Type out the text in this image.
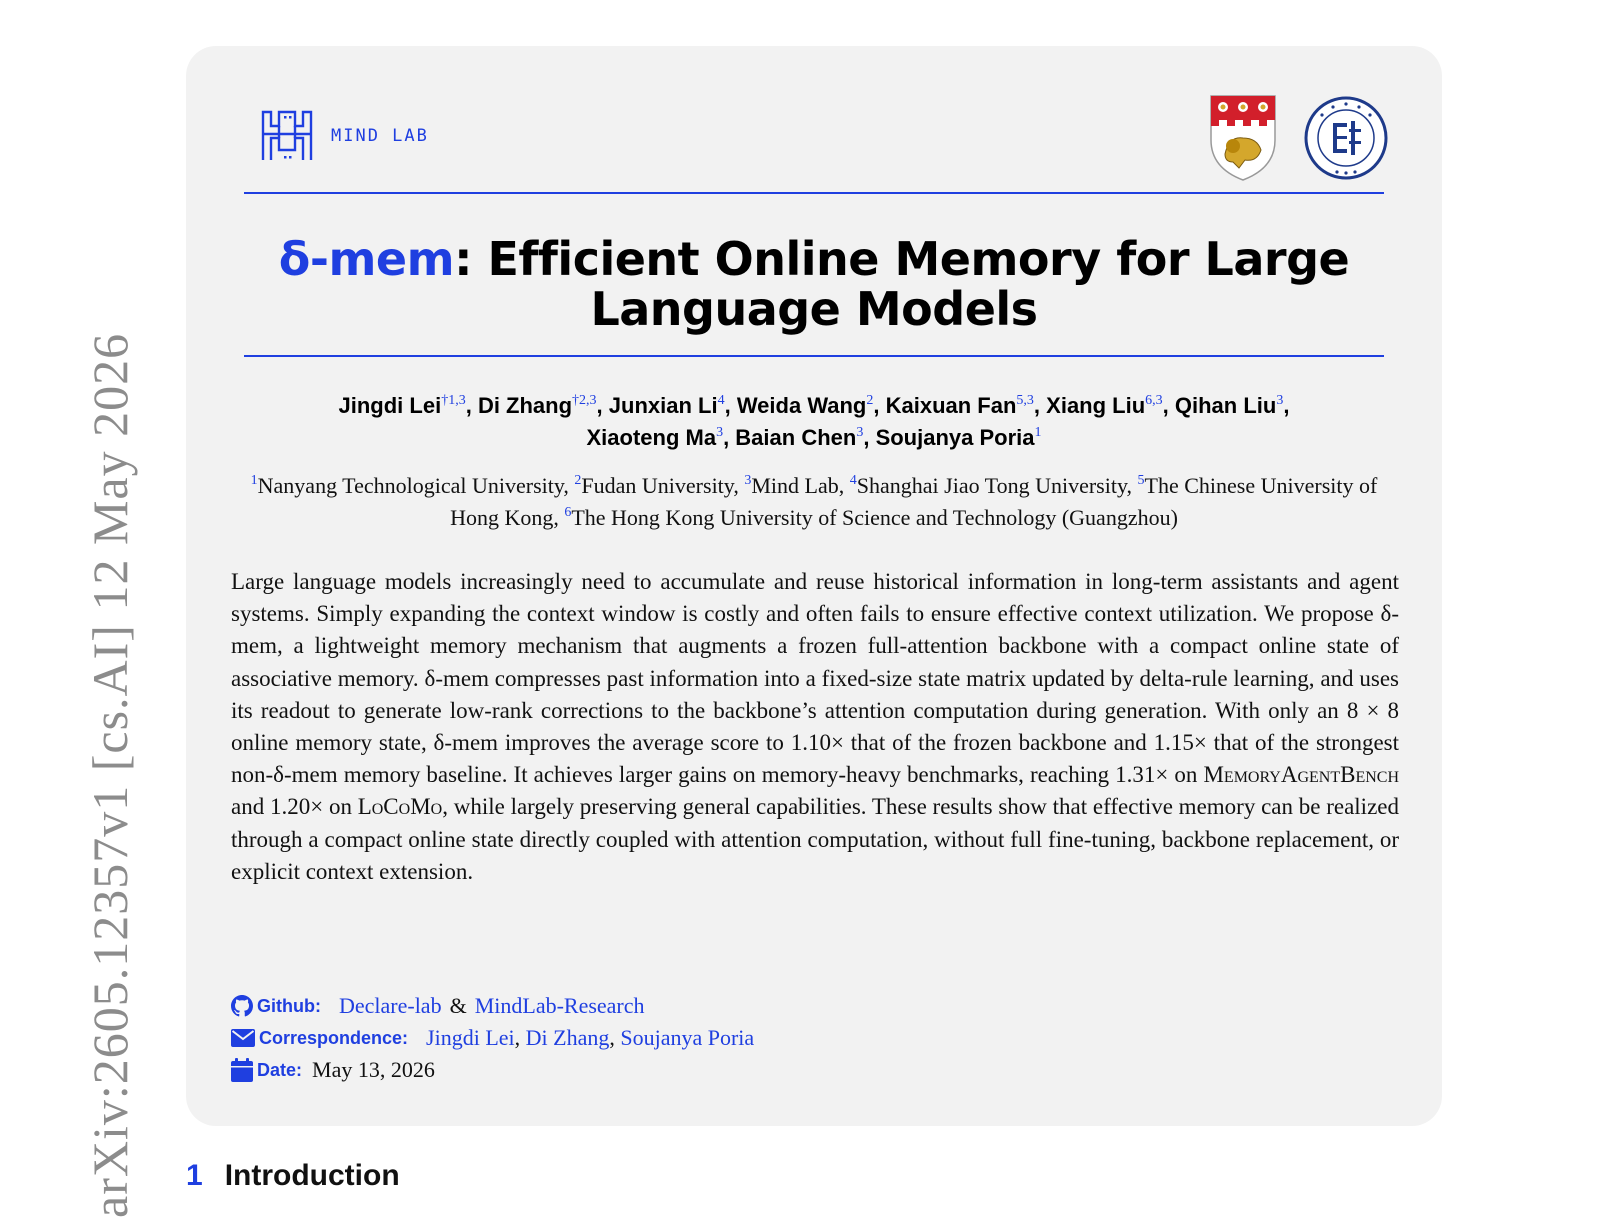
arXiv:2605.12357v1 [cs.AI] 12 May 2026
MIND LAB
δ-mem: Efficient Online Memory for Large Language Models
Jingdi Lei$^{\dagger 1,3}$, Di Zhang$^{\dagger 2,3}$, Junxian Li$^4$, Weida Wang$^2$, Kaixuan Fan$^{5,3}$, Xiang Liu$^{6,3}$, Qihan Liu$^3$,
Xiaoteng Ma$^3$, Baian Chen$^3$, Soujanya Poria$^1$
$^1$Nanyang Technological University, $^2$Fudan University, $^3$Mind Lab, $^4$Shanghai Jiao Tong University, $^5$The Chinese University of Hong Kong, $^6$The Hong Kong University of Science and Technology (Guangzhou)
Large language models increasingly need to accumulate and reuse historical information in long-term assistants and agent systems. Simply expanding the context window is costly and often fails to ensure effective context utilization. We propose δ-mem, a lightweight memory mechanism that augments a frozen full-attention backbone with a compact online state of associative memory. δ-mem compresses past information into a fixed-size state matrix updated by delta-rule learning, and uses its readout to generate low-rank corrections to the backbone’s attention computation during generation. With only an 8 × 8 online memory state, δ-mem improves the average score to 1.10× that of the frozen backbone and 1.15× that of the strongest non-δ-mem memory baseline. It achieves larger gains on memory-heavy benchmarks, reaching 1.31× on MemoryAgentBench and 1.20× on LoCoMo, while largely preserving general capabilities. These results show that effective memory can be realized through a compact online state directly coupled with attention computation, without full fine-tuning, backbone replacement, or explicit context extension.
Github: Declare-lab & MindLab-Research
Correspondence: Jingdi Lei , Di Zhang , Soujanya Poria
Date: May 13, 2026
1 Introduction
